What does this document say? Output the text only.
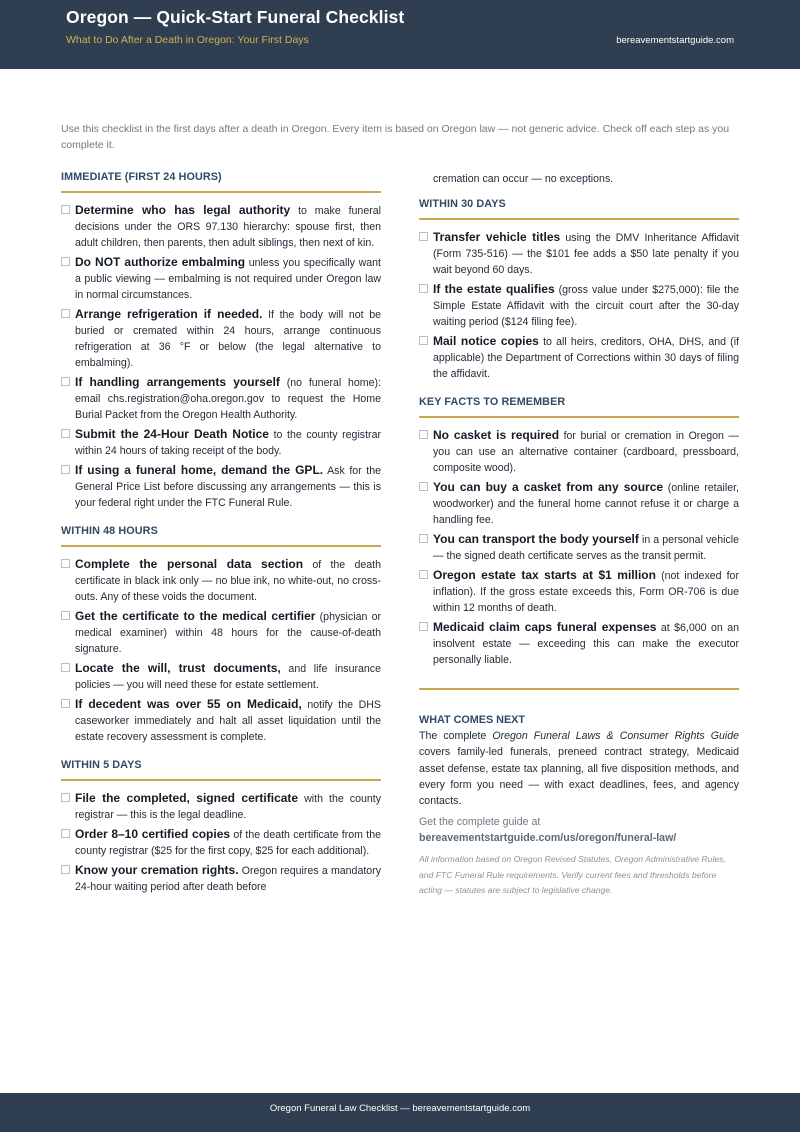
Oregon — Quick-Start Funeral Checklist
What to Do After a Death in Oregon: Your First Days	bereavementstartguide.com
Use this checklist in the first days after a death in Oregon. Every item is based on Oregon law — not generic advice. Check off each step as you complete it.
IMMEDIATE (FIRST 24 HOURS)
Determine who has legal authority to make funeral decisions under the ORS 97.130 hierarchy: spouse first, then adult children, then parents, then adult siblings, then next of kin.
Do NOT authorize embalming unless you specifically want a public viewing — embalming is not required under Oregon law in normal circumstances.
Arrange refrigeration if needed. If the body will not be buried or cremated within 24 hours, arrange continuous refrigeration at 36 °F or below (the legal alternative to embalming).
If handling arrangements yourself (no funeral home): email chs.registration@oha.oregon.gov to request the Home Burial Packet from the Oregon Health Authority.
Submit the 24-Hour Death Notice to the county registrar within 24 hours of taking receipt of the body.
If using a funeral home, demand the GPL. Ask for the General Price List before discussing any arrangements — this is your federal right under the FTC Funeral Rule.
WITHIN 48 HOURS
Complete the personal data section of the death certificate in black ink only — no blue ink, no white-out, no cross-outs. Any of these voids the document.
Get the certificate to the medical certifier (physician or medical examiner) within 48 hours for the cause-of-death signature.
Locate the will, trust documents, and life insurance policies — you will need these for estate settlement.
If decedent was over 55 on Medicaid, notify the DHS caseworker immediately and halt all asset liquidation until the estate recovery assessment is complete.
WITHIN 5 DAYS
File the completed, signed certificate with the county registrar — this is the legal deadline.
Order 8–10 certified copies of the death certificate from the county registrar ($25 for the first copy, $25 for each additional).
Know your cremation rights. Oregon requires a mandatory 24-hour waiting period after death before
cremation can occur — no exceptions.
WITHIN 30 DAYS
Transfer vehicle titles using the DMV Inheritance Affidavit (Form 735-516) — the $101 fee adds a $50 late penalty if you wait beyond 60 days.
If the estate qualifies (gross value under $275,000): file the Simple Estate Affidavit with the circuit court after the 30-day waiting period ($124 filing fee).
Mail notice copies to all heirs, creditors, OHA, DHS, and (if applicable) the Department of Corrections within 30 days of filing the affidavit.
KEY FACTS TO REMEMBER
No casket is required for burial or cremation in Oregon — you can use an alternative container (cardboard, pressboard, composite wood).
You can buy a casket from any source (online retailer, woodworker) and the funeral home cannot refuse it or charge a handling fee.
You can transport the body yourself in a personal vehicle — the signed death certificate serves as the transit permit.
Oregon estate tax starts at $1 million (not indexed for inflation). If the gross estate exceeds this, Form OR-706 is due within 12 months of death.
Medicaid claim caps funeral expenses at $6,000 on an insolvent estate — exceeding this can make the executor personally liable.
WHAT COMES NEXT
The complete Oregon Funeral Laws & Consumer Rights Guide covers family-led funerals, preneed contract strategy, Medicaid asset defense, estate tax planning, all five disposition methods, and every form you need — with exact deadlines, fees, and agency contacts.
Get the complete guide at
bereavementstartguide.com/us/oregon/funeral-law/
All information based on Oregon Revised Statutes, Oregon Administrative Rules, and FTC Funeral Rule requirements. Verify current fees and thresholds before acting — statutes are subject to legislative change.
Oregon Funeral Law Checklist — bereavementstartguide.com
